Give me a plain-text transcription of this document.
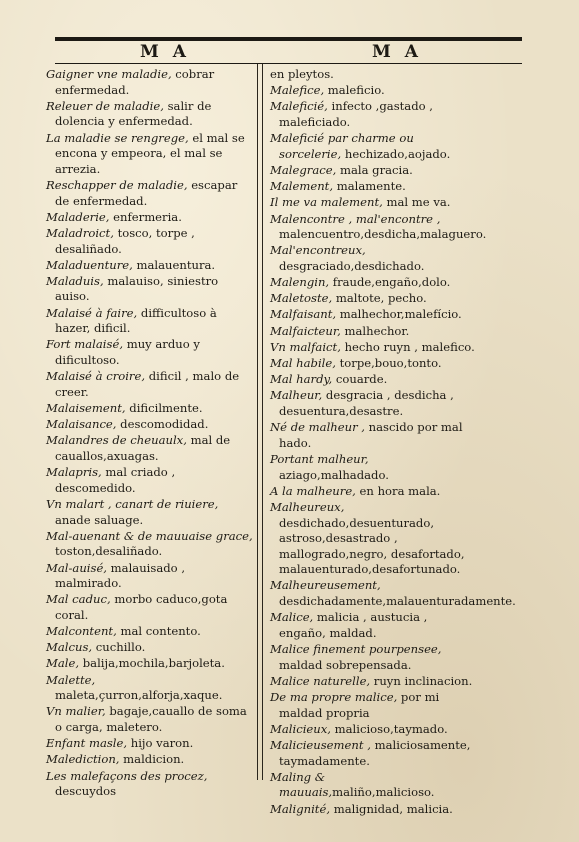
M A	M A
Gaigner vne maladie, cobrar enfermedad.
Releuer de maladie, salir de dolencia y enfermedad.
La maladie se rengrege, el mal se encona y empeora, el mal se arrezia.
Reschapper de maladie, escapar de enfermedad.
Maladerie, enfermeria.
Maladroict, tosco, torpe , desaliñado.
Maladuenture, malauentura.
Maladuis, malauiso, siniestro auiso.
Malaisé à faire, difficultoso à hazer, dificil.
Fort malaisé, muy arduo y dificultoso.
Malaisé à croire, dificil , malo de creer.
Malaisement, dificilmente.
Malaisance, descomodidad.
Malandres de cheuaulx, mal de cauallos,axuagas.
Malapris, mal criado , descomedido.
Vn malart , canart de riuiere, anade saluage.
Mal-auenant & de mauuaise grace, toston,desaliñado.
Mal-auisé, malauisado , malmirado.
Mal caduc, morbo caduco,gota coral.
Malcontent, mal contento.
Malcus, cuchillo.
Male, balija,mochila,barjoleta.
Malette, maleta,çurron,alforja,xaque.
Vn malier, bagaje,cauallo de soma o carga, maletero.
Enfant masle, hijo varon.
Malediction, maldicion.
Les malefaçons des procez, descuydos
en pleytos.
Malefice, maleficio.
Maleficié, infecto ,gastado , maleficiado.
Maleficié par charme ou sorcelerie, hechizado,aojado.
Malegrace, mala gracia.
Malement, malamente.
Il me va malement, mal me va.
Malencontre , mal'encontre , malencuentro,desdicha,malaguero.
Mal'encontreux, desgraciado,desdichado.
Malengin, fraude,engaño,dolo.
Maletoste, maltote, pecho.
Malfaisant, malhechor,malefício.
Malfaicteur, malhechor.
Vn malfaict, hecho ruyn , malefico.
Mal habile, torpe,bouo,tonto.
Mal hardy, couarde.
Malheur, desgracia , desdicha , desuentura,desastre.
Né de malheur , nascido por mal hado.
Portant malheur, aziago,malhadado.
A la malheure, en hora mala.
Malheureux, desdichado,desuenturado, astroso,desastrado , mallogrado,negro, desafortado, malauenturado,desafortunado.
Malheureusement, desdichadamente,malauenturadamente.
Malice, malicia , austucia , engaño, maldad.
Malice finement pourpensee, maldad sobrepensada.
Malice naturelle, ruyn inclinacion.
De ma propre malice, por mi maldad propria
Malicieux, malicioso,taymado.
Malicieusement , maliciosamente, taymadamente.
Maling & mauuais,maliño,malicioso.
Malignité, malignidad, malicia.
